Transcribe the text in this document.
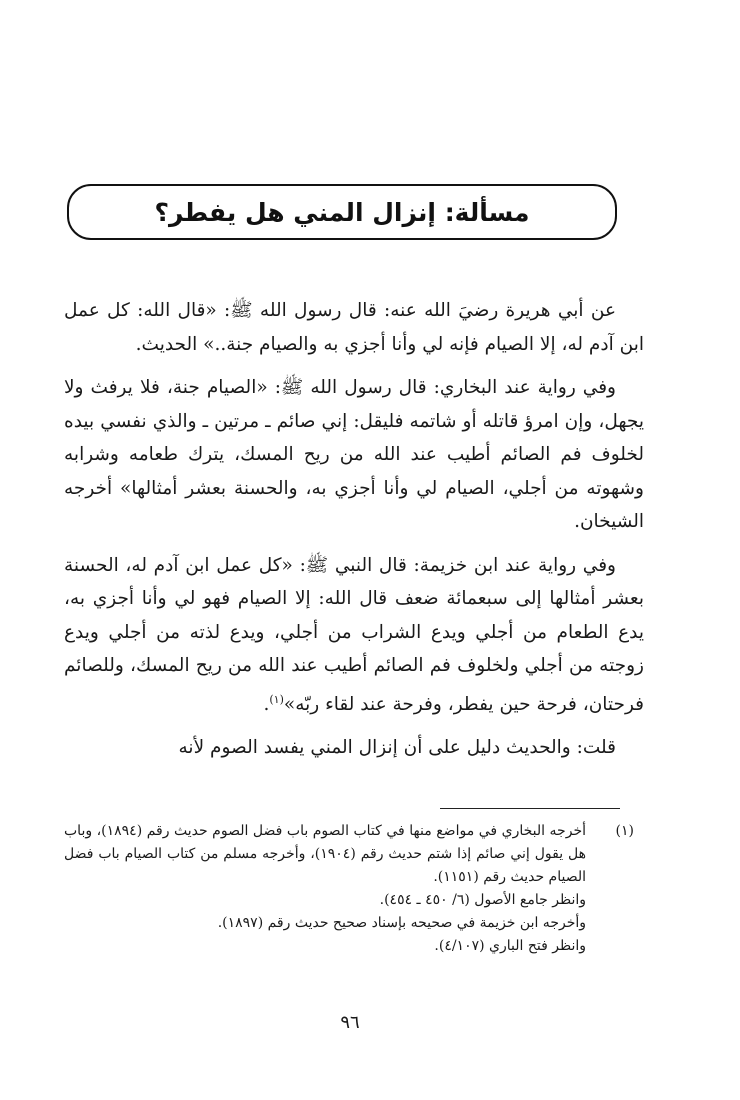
مسألة: إنزال المني هل يفطر؟

عن أبي هريرة رضيَ الله عنه: قال رسول الله ﷺ: «قال الله: كل عمل ابن آدم له، إلا الصيام فإنه لي وأنا أجزي به والصيام جنة..» الحديث.

وفي رواية عند البخاري: قال رسول الله ﷺ: «الصيام جنة، فلا يرفث ولا يجهل، وإن امرؤ قاتله أو شاتمه فليقل: إني صائم ـ مرتين ـ والذي نفسي بيده لخلوف فم الصائم أطيب عند الله من ريح المسك، يترك طعامه وشرابه وشهوته من أجلي، الصيام لي وأنا أجزي به، والحسنة بعشر أمثالها» أخرجه الشيخان.

وفي رواية عند ابن خزيمة: قال النبي ﷺ: «كل عمل ابن آدم له، الحسنة بعشر أمثالها إلى سبعمائة ضعف قال الله: إلا الصيام فهو لي وأنا أجزي به، يدع الطعام من أجلي ويدع الشراب من أجلي، ويدع لذته من أجلي ويدع زوجته من أجلي ولخلوف فم الصائم أطيب عند الله من ريح المسك، وللصائم فرحتان، فرحة حين يفطر، وفرحة عند لقاء ربّه»$^{(١)}$.

قلت: والحديث دليل على أن إنزال المني يفسد الصوم لأنه

(١)
أخرجه البخاري في مواضع منها في كتاب الصوم باب فضل الصوم حديث رقم (١٨٩٤)، وباب هل يقول إني صائم إذا شتم حديث رقم (١٩٠٤)، وأخرجه مسلم من كتاب الصيام باب فضل الصيام حديث رقم (١١٥١).
وانظر جامع الأصول (٦/ ٤٥٠ ـ ٤٥٤).
وأخرجه ابن خزيمة في صحيحه بإسناد صحيح حديث رقم (١٨٩٧).
وانظر فتح الباري (٤/١٠٧).
٩٦
